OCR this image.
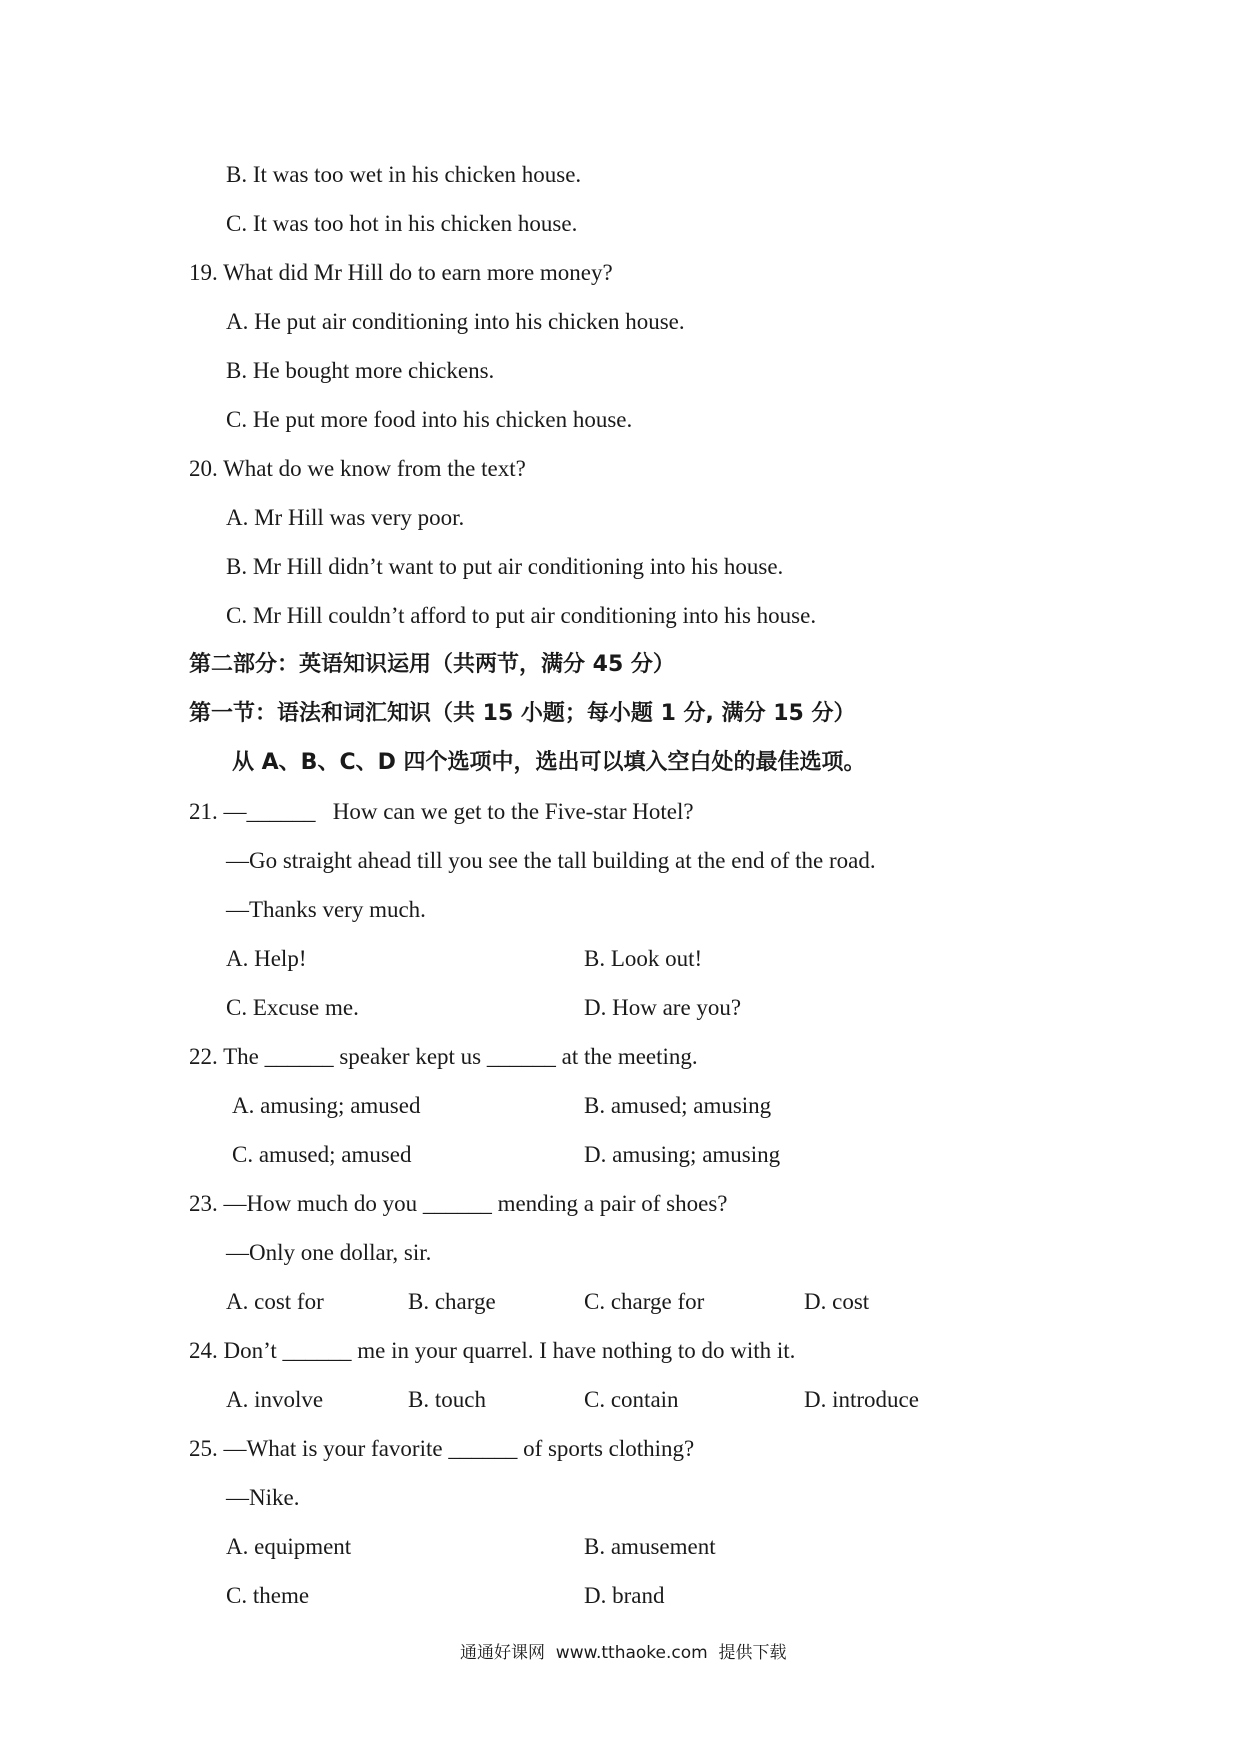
B. It was too wet in his chicken house.
C. It was too hot in his chicken house.
19. What did Mr Hill do to earn more money?
A. He put air conditioning into his chicken house.
B. He bought more chickens.
C. He put more food into his chicken house.
20. What do we know from the text?
A. Mr Hill was very poor.
B. Mr Hill didn’t want to put air conditioning into his house.
C. Mr Hill couldn’t afford to put air conditioning into his house.
第二部分：英语知识运用（共两节，满分 45 分）
第一节：语法和词汇知识（共 15 小题；每小题 1 分, 满分 15 分）
从 A、B、C、D 四个选项中，选出可以填入空白处的最佳选项。
21. —______   How can we get to the Five-star Hotel?
—Go straight ahead till you see the tall building at the end of the road.
—Thanks very much.
A. Help!	B. Look out!
C. Excuse me.	D. How are you?
22. The ______ speaker kept us ______ at the meeting.
A. amusing; amused	B. amused; amusing
C. amused; amused	D. amusing; amusing
23. —How much do you ______ mending a pair of shoes?
—Only one dollar, sir.
A. cost for	B. charge	C. charge for	D. cost
24. Don’t ______ me in your quarrel. I have nothing to do with it.
A. involve	B. touch	C. contain	D. introduce
25. —What is your favorite ______ of sports clothing?
—Nike.
A. equipment	B. amusement
C. theme	D. brand
通通好课网  www.tthaoke.com  提供下载
